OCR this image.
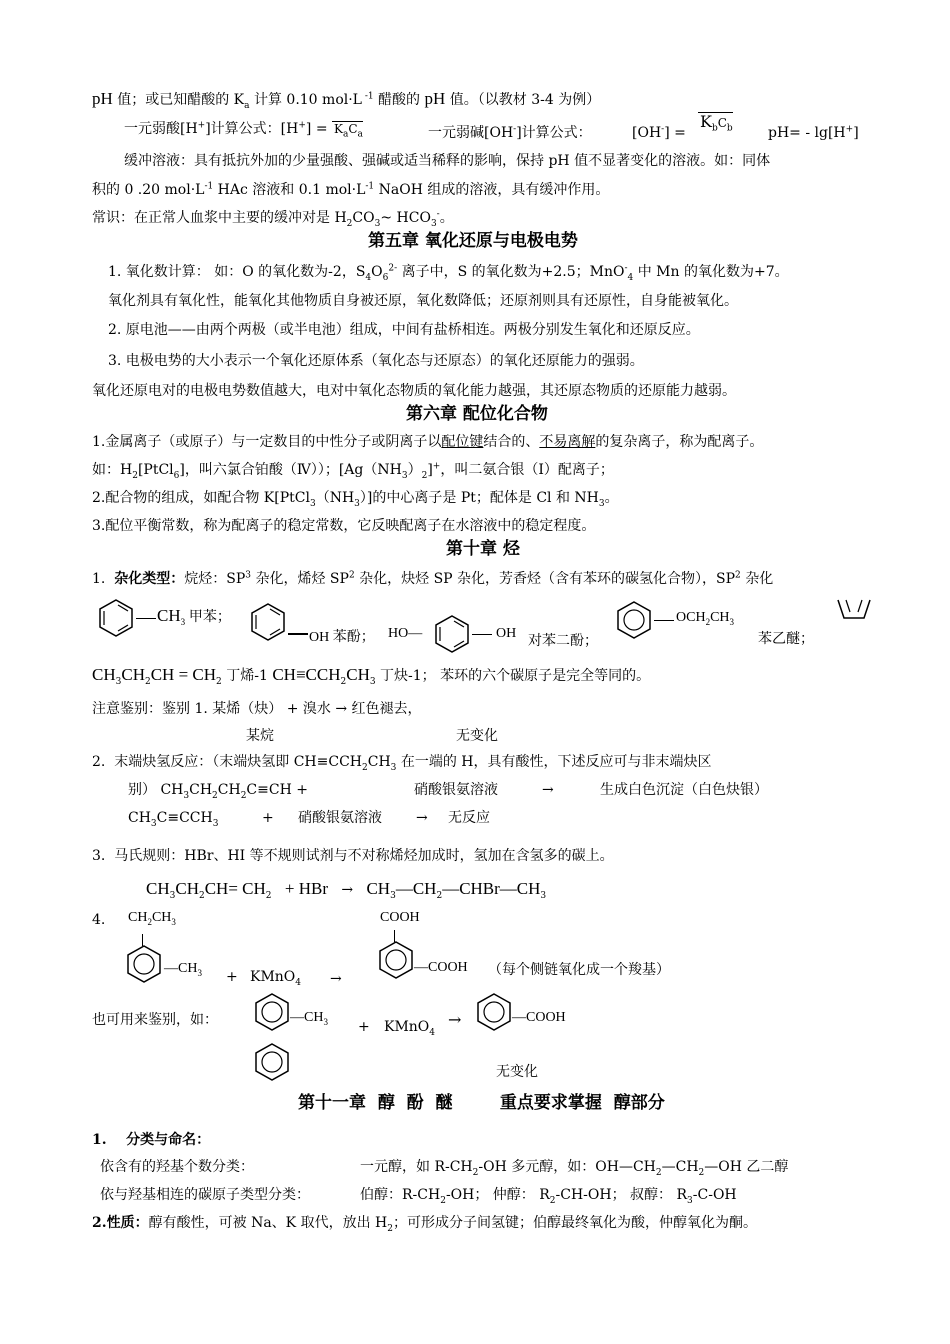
pH 值；或已知醋酸的 $K_a$ 计算 0.10 mol·L $^{-1}$ 醋酸的 pH 值。（以教材 3-4 为例）
一元弱酸[H+]计算公式：$[H^+] = K_aC_a$	一元弱碱[OH-]计算公式：	[OH-] =
$K_bC_b$	pH= - lg[H+]
缓冲溶液：具有抵抗外加的少量强酸、强碱或适当稀释的影响，保持 pH 值不显著变化的溶液。如：同体
积的 0 .20 $mol\cdot L^{-1}$ HAc 溶液和 0.1 $mol\cdot L^{-1}$ NaOH 组成的溶液，具有缓冲作用。
常识：在正常人血浆中主要的缓冲对是 $H_2CO_3\sim$ $HCO_3^-$。
第五章 氧化还原与电极电势
1. 氧化数计算： 如：O 的氧化数为-2，$S_4O_6^{2-}$ 离子中，S 的氧化数为+2.5；MnO-$_4$ 中 Mn 的氧化数为+7。
氧化剂具有氧化性，能氧化其他物质自身被还原，氧化数降低；还原剂则具有还原性，自身能被氧化。
2. 原电池——由两个两极（或半电池）组成，中间有盐桥相连。两极分别发生氧化和还原反应。
3. 电极电势的大小表示一个氧化还原体系（氧化态与还原态）的氧化还原能力的强弱。
氧化还原电对的电极电势数值越大，电对中氧化态物质的氧化能力越强，其还原态物质的还原能力越弱。
第六章 配位化合物
1.金属离子（或原子）与一定数目的中性分子或阴离子以配位键结合的、不易离解的复杂离子，称为配离子。
如：$H_2[PtCl_6]$，叫六氯合铂酸（Ⅳ））；$[Ag(NH_3)_2]^+$，叫二氨合银（Ⅰ）配离子；
2.配合物的组成，如配合物 $K[PtCl_3(NH_3)]$的中心离子是 Pt；配体是 Cl 和 $NH_3$。
3.配位平衡常数，称为配离子的稳定常数，它反映配离子在水溶液中的稳定程度。
第十章 烃
1. 杂化类型：烷烃：$SP^3$ 杂化，烯烃 $SP^2$ 杂化，炔烃 SP 杂化，芳香烃（含有苯环的碳氢化合物），$SP^2$ 杂化
$CH_3$ 甲苯；
OH 苯酚； HO—	OH
对苯二酚；
$OCH_2CH_3$
苯乙醚；
$CH_3CH_2CH = CH_2$ 丁烯-1 $CH\equiv CCH_2CH_3$ 丁炔-1； 苯环的六个碳原子是完全等同的。
注意鉴别：鉴别 1. 某烯（炔） + 溴水 → 红色褪去，
某烷	无变化
2. 末端炔氢反应：（末端炔氢即 $CH\equiv CCH_2CH_3$ 在一端的 H，具有酸性，下述反应可与非末端炔区
别） $CH_3CH_2CH_2C\equiv CH$ +	硝酸银氨溶液	→	生成白色沉淀（白色炔银）
$CH_3C\equiv CCH_3$	+ 硝酸银氨溶液 → 无反应
3. 马氏规则：HBr、HI 等不规则试剂与不对称烯烃加成时，氢加在含氢多的碳上。
$CH_3CH_2CH= CH_2$ + HBr → $CH_3—CH_2—CHBr—CH_3$
4. $CH_2CH_3$
$—CH_3$ + KMnO$_4$ →
COOH
—COOH （每个侧链氧化成一个羧基）
也可用来鉴别，如：	$—CH_3$ + KMnO$_4$
→	—COOH
无变化
第十一章  醇  酚  醚        重点要求掌握  醇部分
1.    分类与命名：
依含有的羟基个数分类：	一元醇，如 $R-CH_2-OH$ 多元醇，如：$OH—CH_2—CH_2—OH$ 乙二醇
依与羟基相连的碳原子类型分类：	伯醇：$R-CH_2-OH$； 仲醇： $R_2-CH-OH$； 叔醇： $R_3-C-OH$
2.性质：醇有酸性，可被 Na、K 取代，放出 $H_2$；可形成分子间氢键；伯醇最终氧化为酸，仲醇氧化为酮。
